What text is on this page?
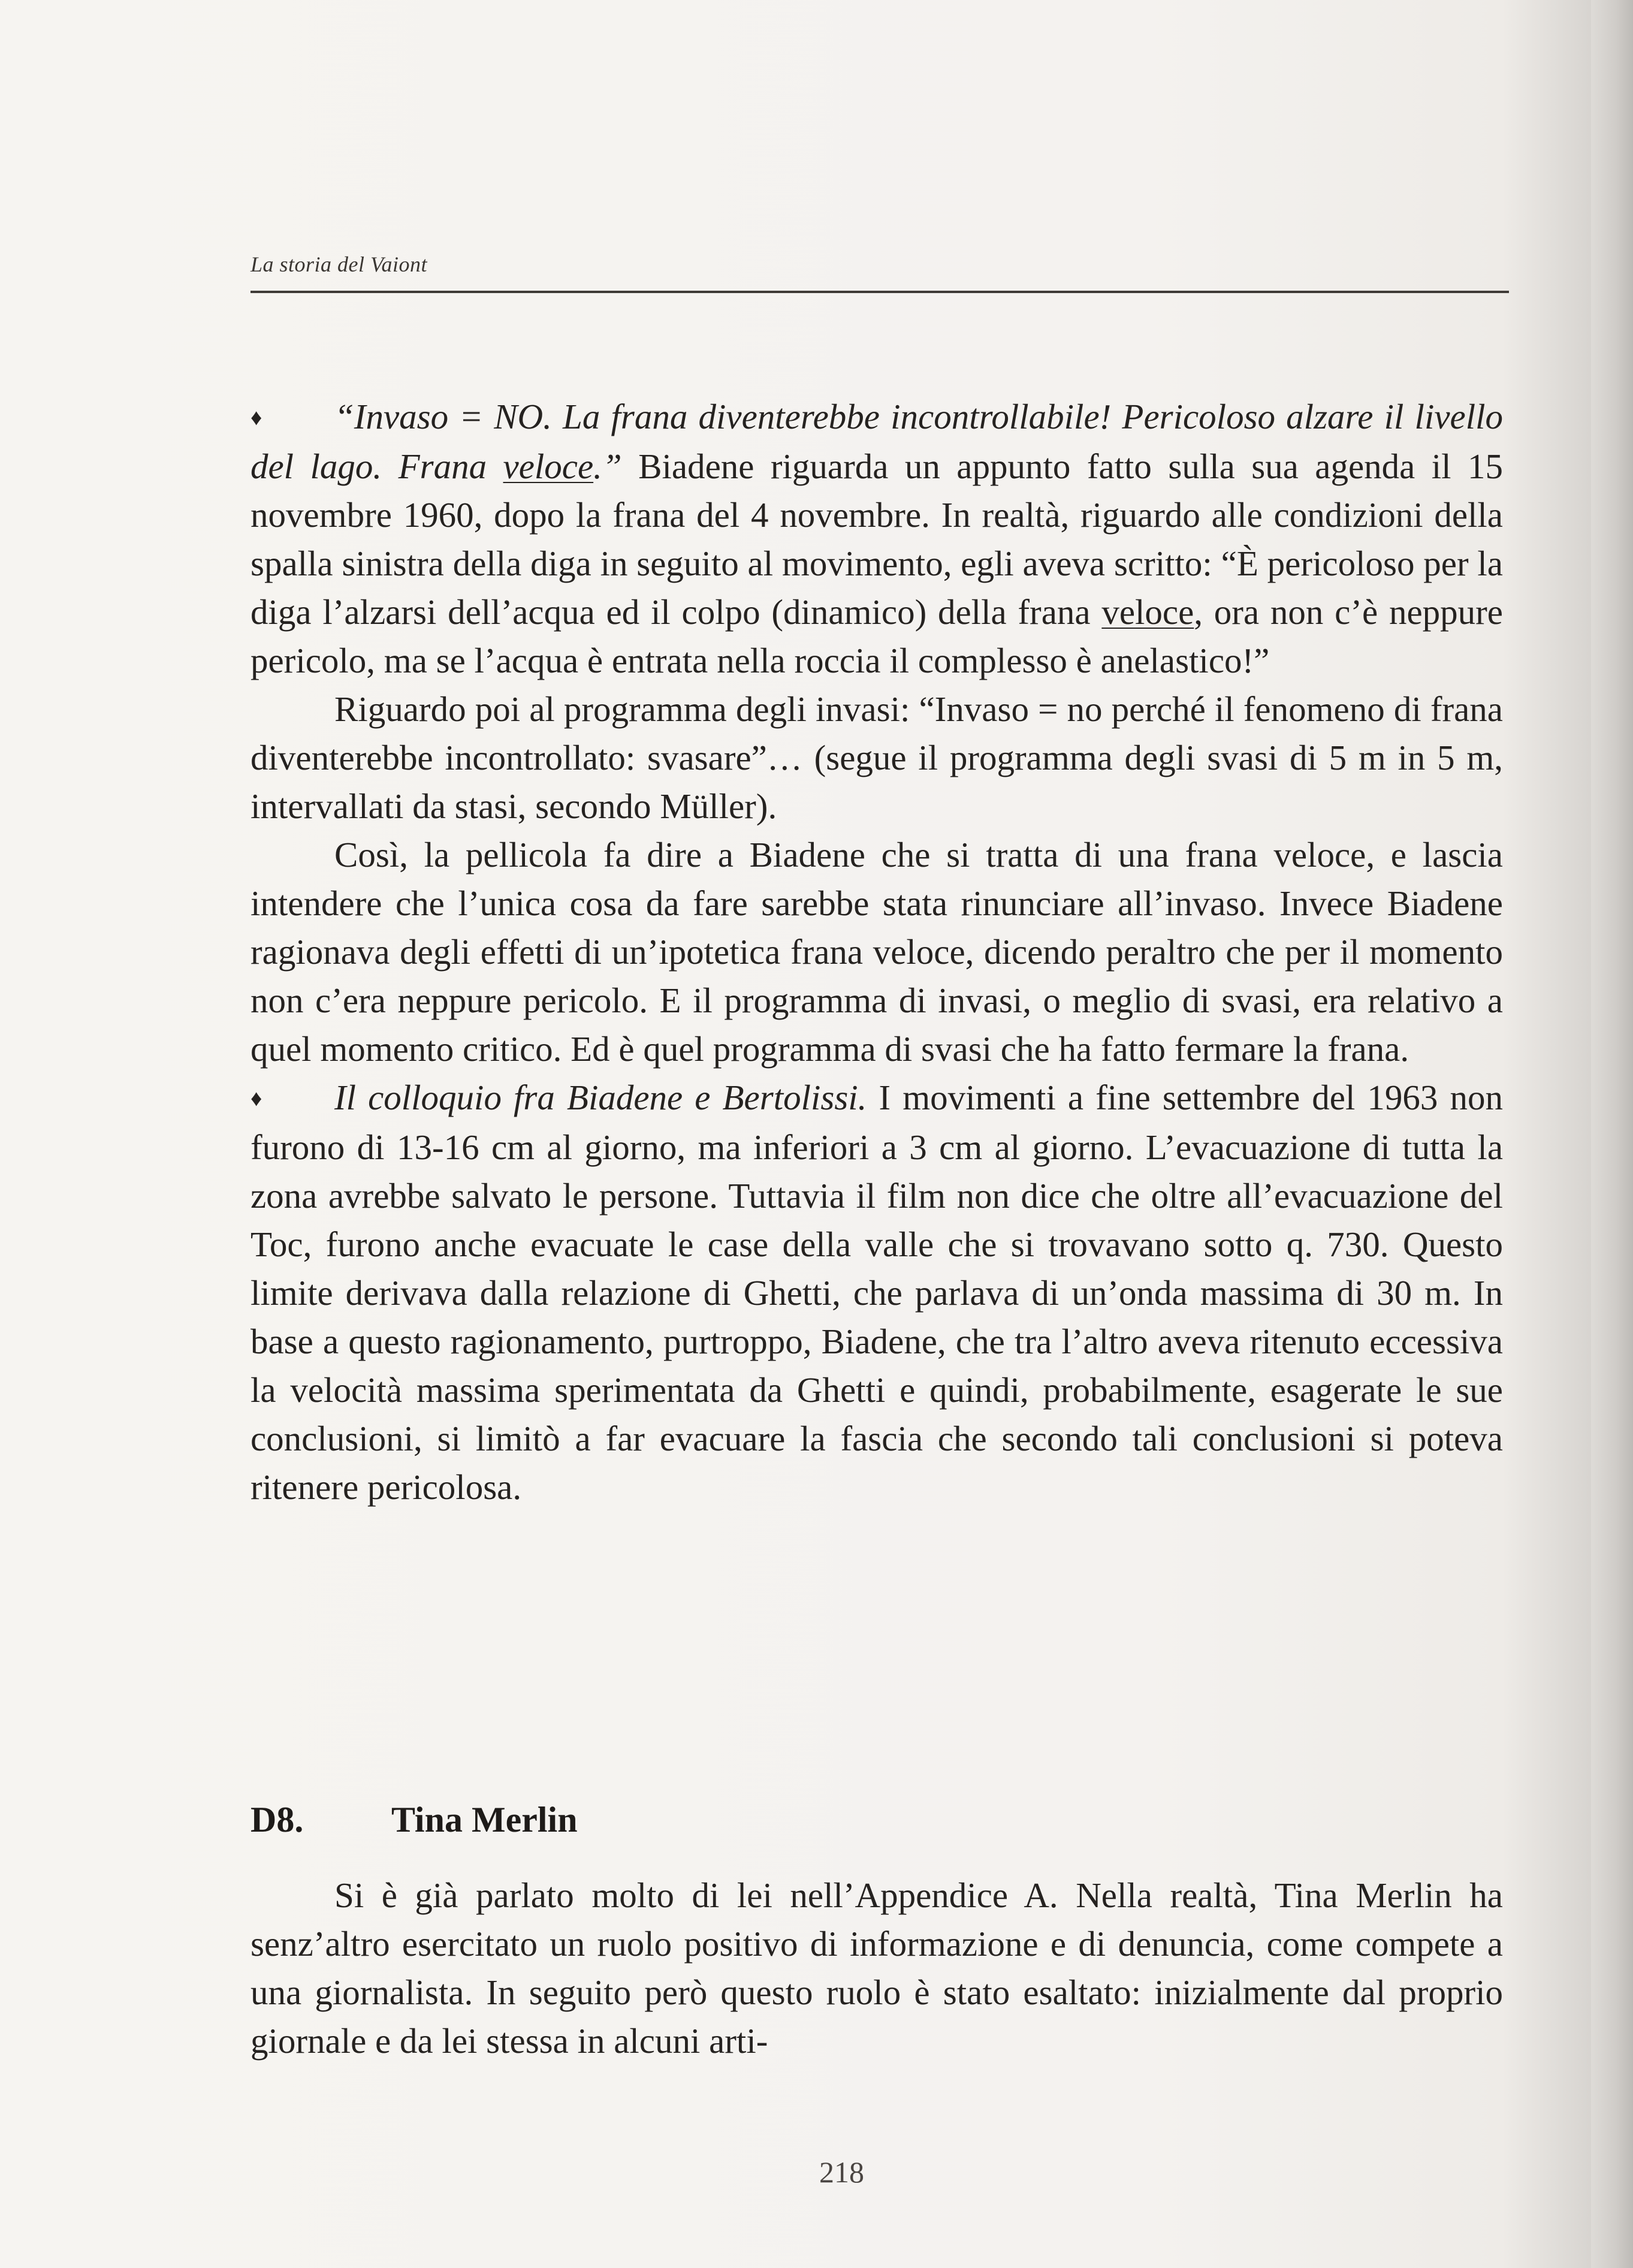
La storia del Vaiont

♦ “Invaso = NO. La frana diventerebbe incontrollabile! Pericoloso alzare il livello del lago. Frana veloce.” Biadene riguarda un appunto fatto sulla sua agenda il 15 novembre 1960, dopo la frana del 4 novembre. In realtà, riguardo alle condizioni della spalla sinistra della diga in seguito al movimento, egli aveva scritto: “È pericoloso per la diga l’alzarsi dell’acqua ed il colpo (dinamico) della frana veloce, ora non c’è neppure pericolo, ma se l’acqua è entrata nella roccia il complesso è anelastico!”

Riguardo poi al programma degli invasi: “Invaso = no perché il fenomeno di frana diventerebbe incontrollato: svasare”… (segue il programma degli svasi di 5 m in 5 m, intervallati da stasi, secondo Müller).

Così, la pellicola fa dire a Biadene che si tratta di una frana veloce, e lascia intendere che l’unica cosa da fare sarebbe stata rinunciare all’invaso. Invece Biadene ragionava degli effetti di un’ipotetica frana veloce, dicendo peraltro che per il momento non c’era neppure pericolo. E il programma di invasi, o meglio di svasi, era relativo a quel momento critico. Ed è quel programma di svasi che ha fatto fermare la frana.

♦ Il colloquio fra Biadene e Bertolissi. I movimenti a fine settembre del 1963 non furono di 13-16 cm al giorno, ma inferiori a 3 cm al giorno. L’evacuazione di tutta la zona avrebbe salvato le persone. Tuttavia il film non dice che oltre all’evacuazione del Toc, furono anche evacuate le case della valle che si trovavano sotto q. 730. Questo limite derivava dalla relazione di Ghetti, che parlava di un’onda massima di 30 m. In base a questo ragionamento, purtroppo, Biadene, che tra l’altro aveva ritenuto eccessiva la velocità massima sperimentata da Ghetti e quindi, probabilmente, esagerate le sue conclusioni, si limitò a far evacuare la fascia che secondo tali conclusioni si poteva ritenere pericolosa.

D8. Tina Merlin

Si è già parlato molto di lei nell’Appendice A. Nella realtà, Tina Merlin ha senz’altro esercitato un ruolo positivo di informazione e di denuncia, come compete a una giornalista. In seguito però questo ruolo è stato esaltato: inizialmente dal proprio giornale e da lei stessa in alcuni arti-

218
